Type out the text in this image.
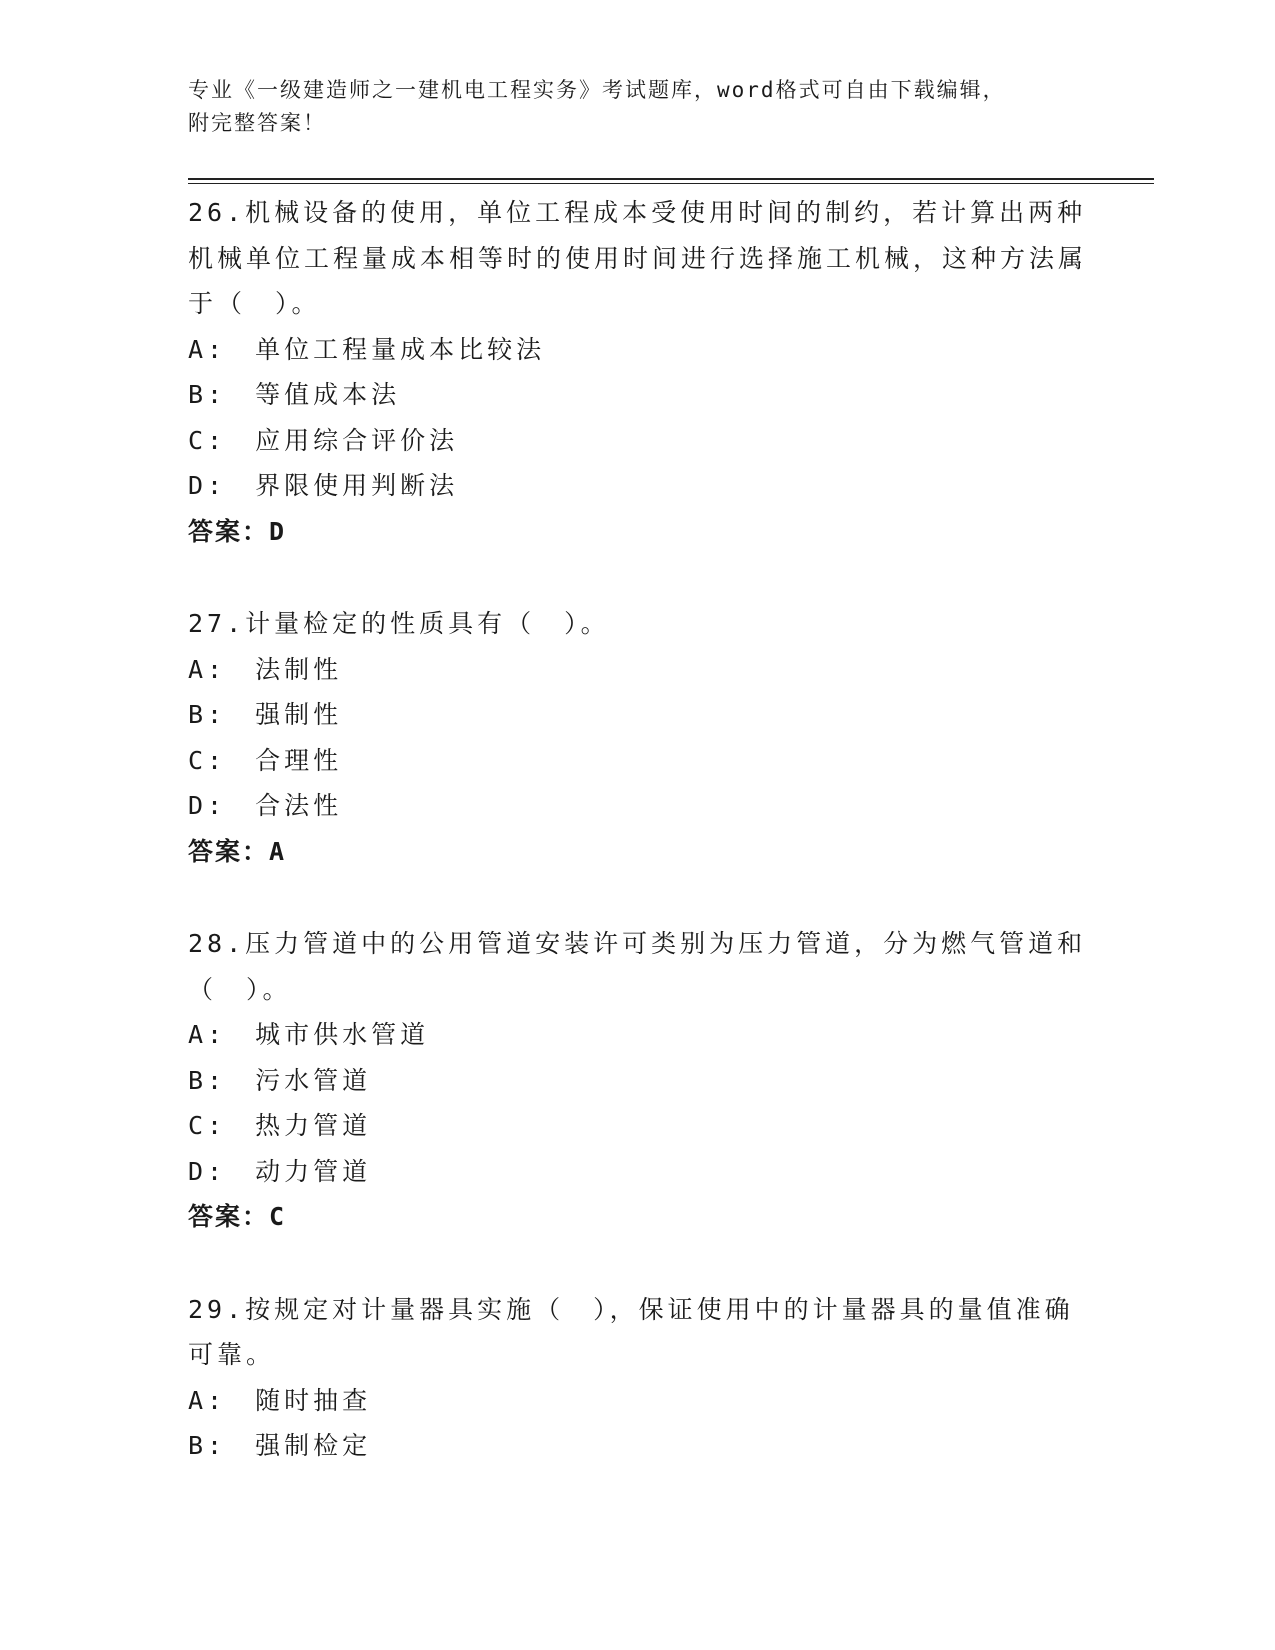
专业《一级建造师之一建机电工程实务》考试题库，word格式可自由下载编辑，
附完整答案！
26.机械设备的使用，单位工程成本受使用时间的制约，若计算出两种机械单位工程量成本相等时的使用时间进行选择施工机械，这种方法属于（　）。
A:　单位工程量成本比较法
B:　等值成本法
C:　应用综合评价法
D:　界限使用判断法
答案：D
27.计量检定的性质具有（　）。
A:　法制性
B:　强制性
C:　合理性
D:　合法性
答案：A
28.压力管道中的公用管道安装许可类别为压力管道，分为燃气管道和（　）。
A:　城市供水管道
B:　污水管道
C:　热力管道
D:　动力管道
答案：C
29.按规定对计量器具实施（　），保证使用中的计量器具的量值准确可靠。
A:　随时抽查
B:　强制检定
